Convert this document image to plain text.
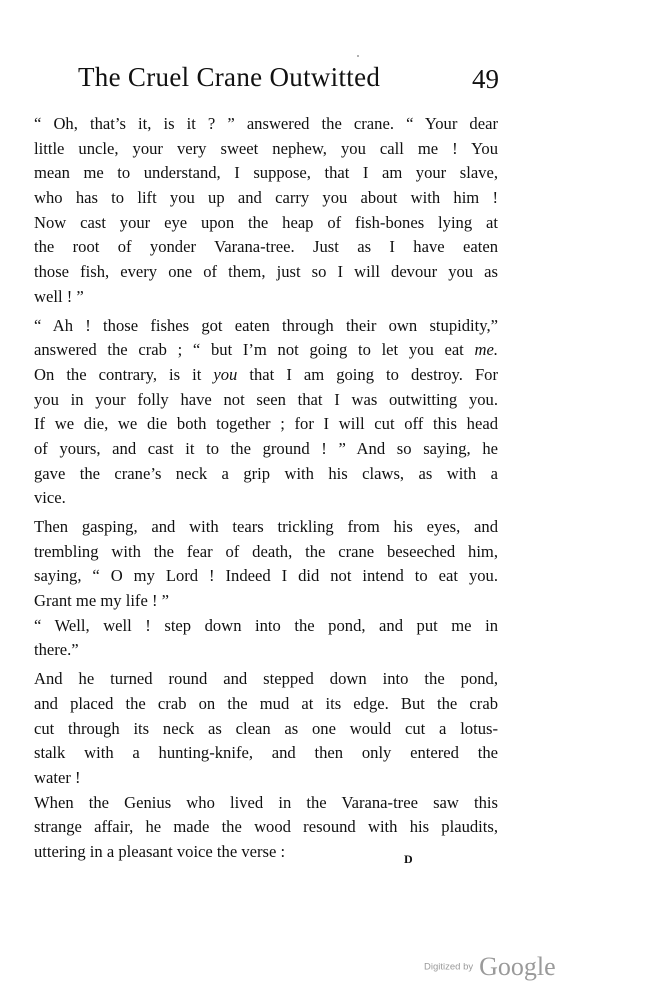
The Cruel Crane Outwitted	49
“ Oh, that’s it, is it ? ” answered the crane. “ Your dear
little uncle, your very sweet nephew, you call me ! You
mean me to understand, I suppose, that I am your slave,
who has to lift you up and carry you about with him !
Now cast your eye upon the heap of fish-bones lying at
the root of yonder Varana-tree. Just as I have eaten
those fish, every one of them, just so I will devour you as
well ! ”
“ Ah ! those fishes got eaten through their own stupidity,”
answered the crab ; “ but I’m not going to let you eat me.
On the contrary, is it you that I am going to destroy. For
you in your folly have not seen that I was outwitting you.
If we die, we die both together ; for I will cut off this head
of yours, and cast it to the ground ! ” And so saying, he
gave the crane’s neck a grip with his claws, as with a
vice.
Then gasping, and with tears trickling from his eyes, and
trembling with the fear of death, the crane beseeched him,
saying, “ O my Lord ! Indeed I did not intend to eat you.
Grant me my life ! ”
“ Well, well ! step down into the pond, and put me in
there.”
And he turned round and stepped down into the pond,
and placed the crab on the mud at its edge. But the crab
cut through its neck as clean as one would cut a lotus-
stalk with a hunting-knife, and then only entered the
water !
When the Genius who lived in the Varana-tree saw this
strange affair, he made the wood resound with his plaudits,
uttering in a pleasant voice the verse :	D
Digitized by Google
